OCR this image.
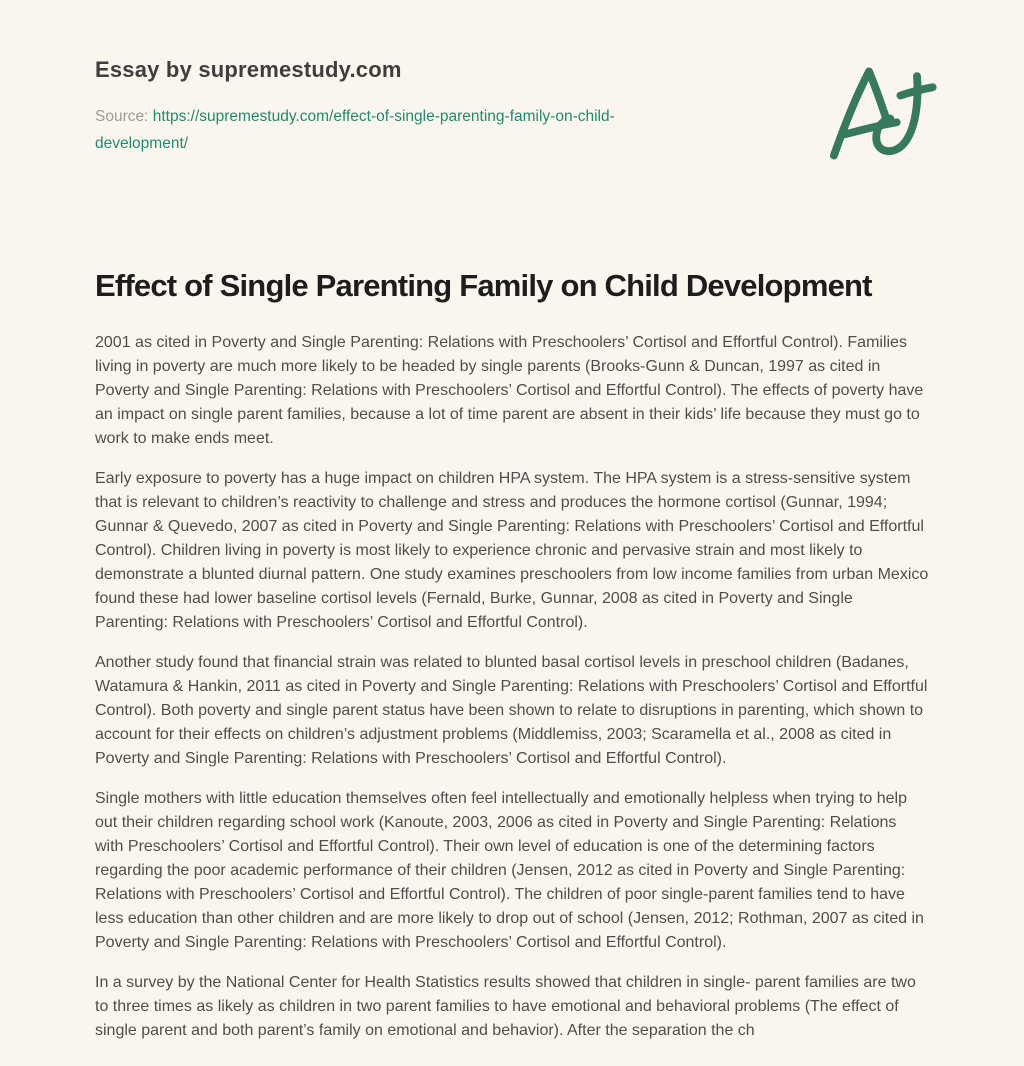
Essay by supremestudy.com
Source: https://supremestudy.com/effect-of-single-parenting-family-on-child-development/
Effect of Single Parenting Family on Child Development

2001 as cited in Poverty and Single Parenting: Relations with Preschoolers’ Cortisol and Effortful Control). Families living in poverty are much more likely to be headed by single parents (Brooks-Gunn & Duncan, 1997 as cited in Poverty and Single Parenting: Relations with Preschoolers’ Cortisol and Effortful Control). The effects of poverty have an impact on single parent families, because a lot of time parent are absent in their kids’ life because they must go to work to make ends meet.

Early exposure to poverty has a huge impact on children HPA system. The HPA system is a stress-sensitive system that is relevant to children’s reactivity to challenge and stress and produces the hormone cortisol (Gunnar, 1994; Gunnar & Quevedo, 2007 as cited in Poverty and Single Parenting: Relations with Preschoolers’ Cortisol and Effortful Control). Children living in poverty is most likely to experience chronic and pervasive strain and most likely to demonstrate a blunted diurnal pattern. One study examines preschoolers from low income families from urban Mexico found these had lower baseline cortisol levels (Fernald, Burke, Gunnar, 2008 as cited in Poverty and Single Parenting: Relations with Preschoolers’ Cortisol and Effortful Control).

Another study found that financial strain was related to blunted basal cortisol levels in preschool children (Badanes, Watamura & Hankin, 2011 as cited in Poverty and Single Parenting: Relations with Preschoolers’ Cortisol and Effortful Control). Both poverty and single parent status have been shown to relate to disruptions in parenting, which shown to account for their effects on children’s adjustment problems (Middlemiss, 2003; Scaramella et al., 2008 as cited in Poverty and Single Parenting: Relations with Preschoolers’ Cortisol and Effortful Control).

Single mothers with little education themselves often feel intellectually and emotionally helpless when trying to help out their children regarding school work (Kanoute, 2003, 2006 as cited in Poverty and Single Parenting: Relations with Preschoolers’ Cortisol and Effortful Control). Their own level of education is one of the determining factors regarding the poor academic performance of their children (Jensen, 2012 as cited in Poverty and Single Parenting: Relations with Preschoolers’ Cortisol and Effortful Control). The children of poor single-parent families tend to have less education than other children and are more likely to drop out of school (Jensen, 2012; Rothman, 2007 as cited in Poverty and Single Parenting: Relations with Preschoolers’ Cortisol and Effortful Control).

In a survey by the National Center for Health Statistics results showed that children in single- parent families are two to three times as likely as children in two parent families to have emotional and behavioral problems (The effect of single parent and both parent’s family on emotional and behavior). After the separation the ch
